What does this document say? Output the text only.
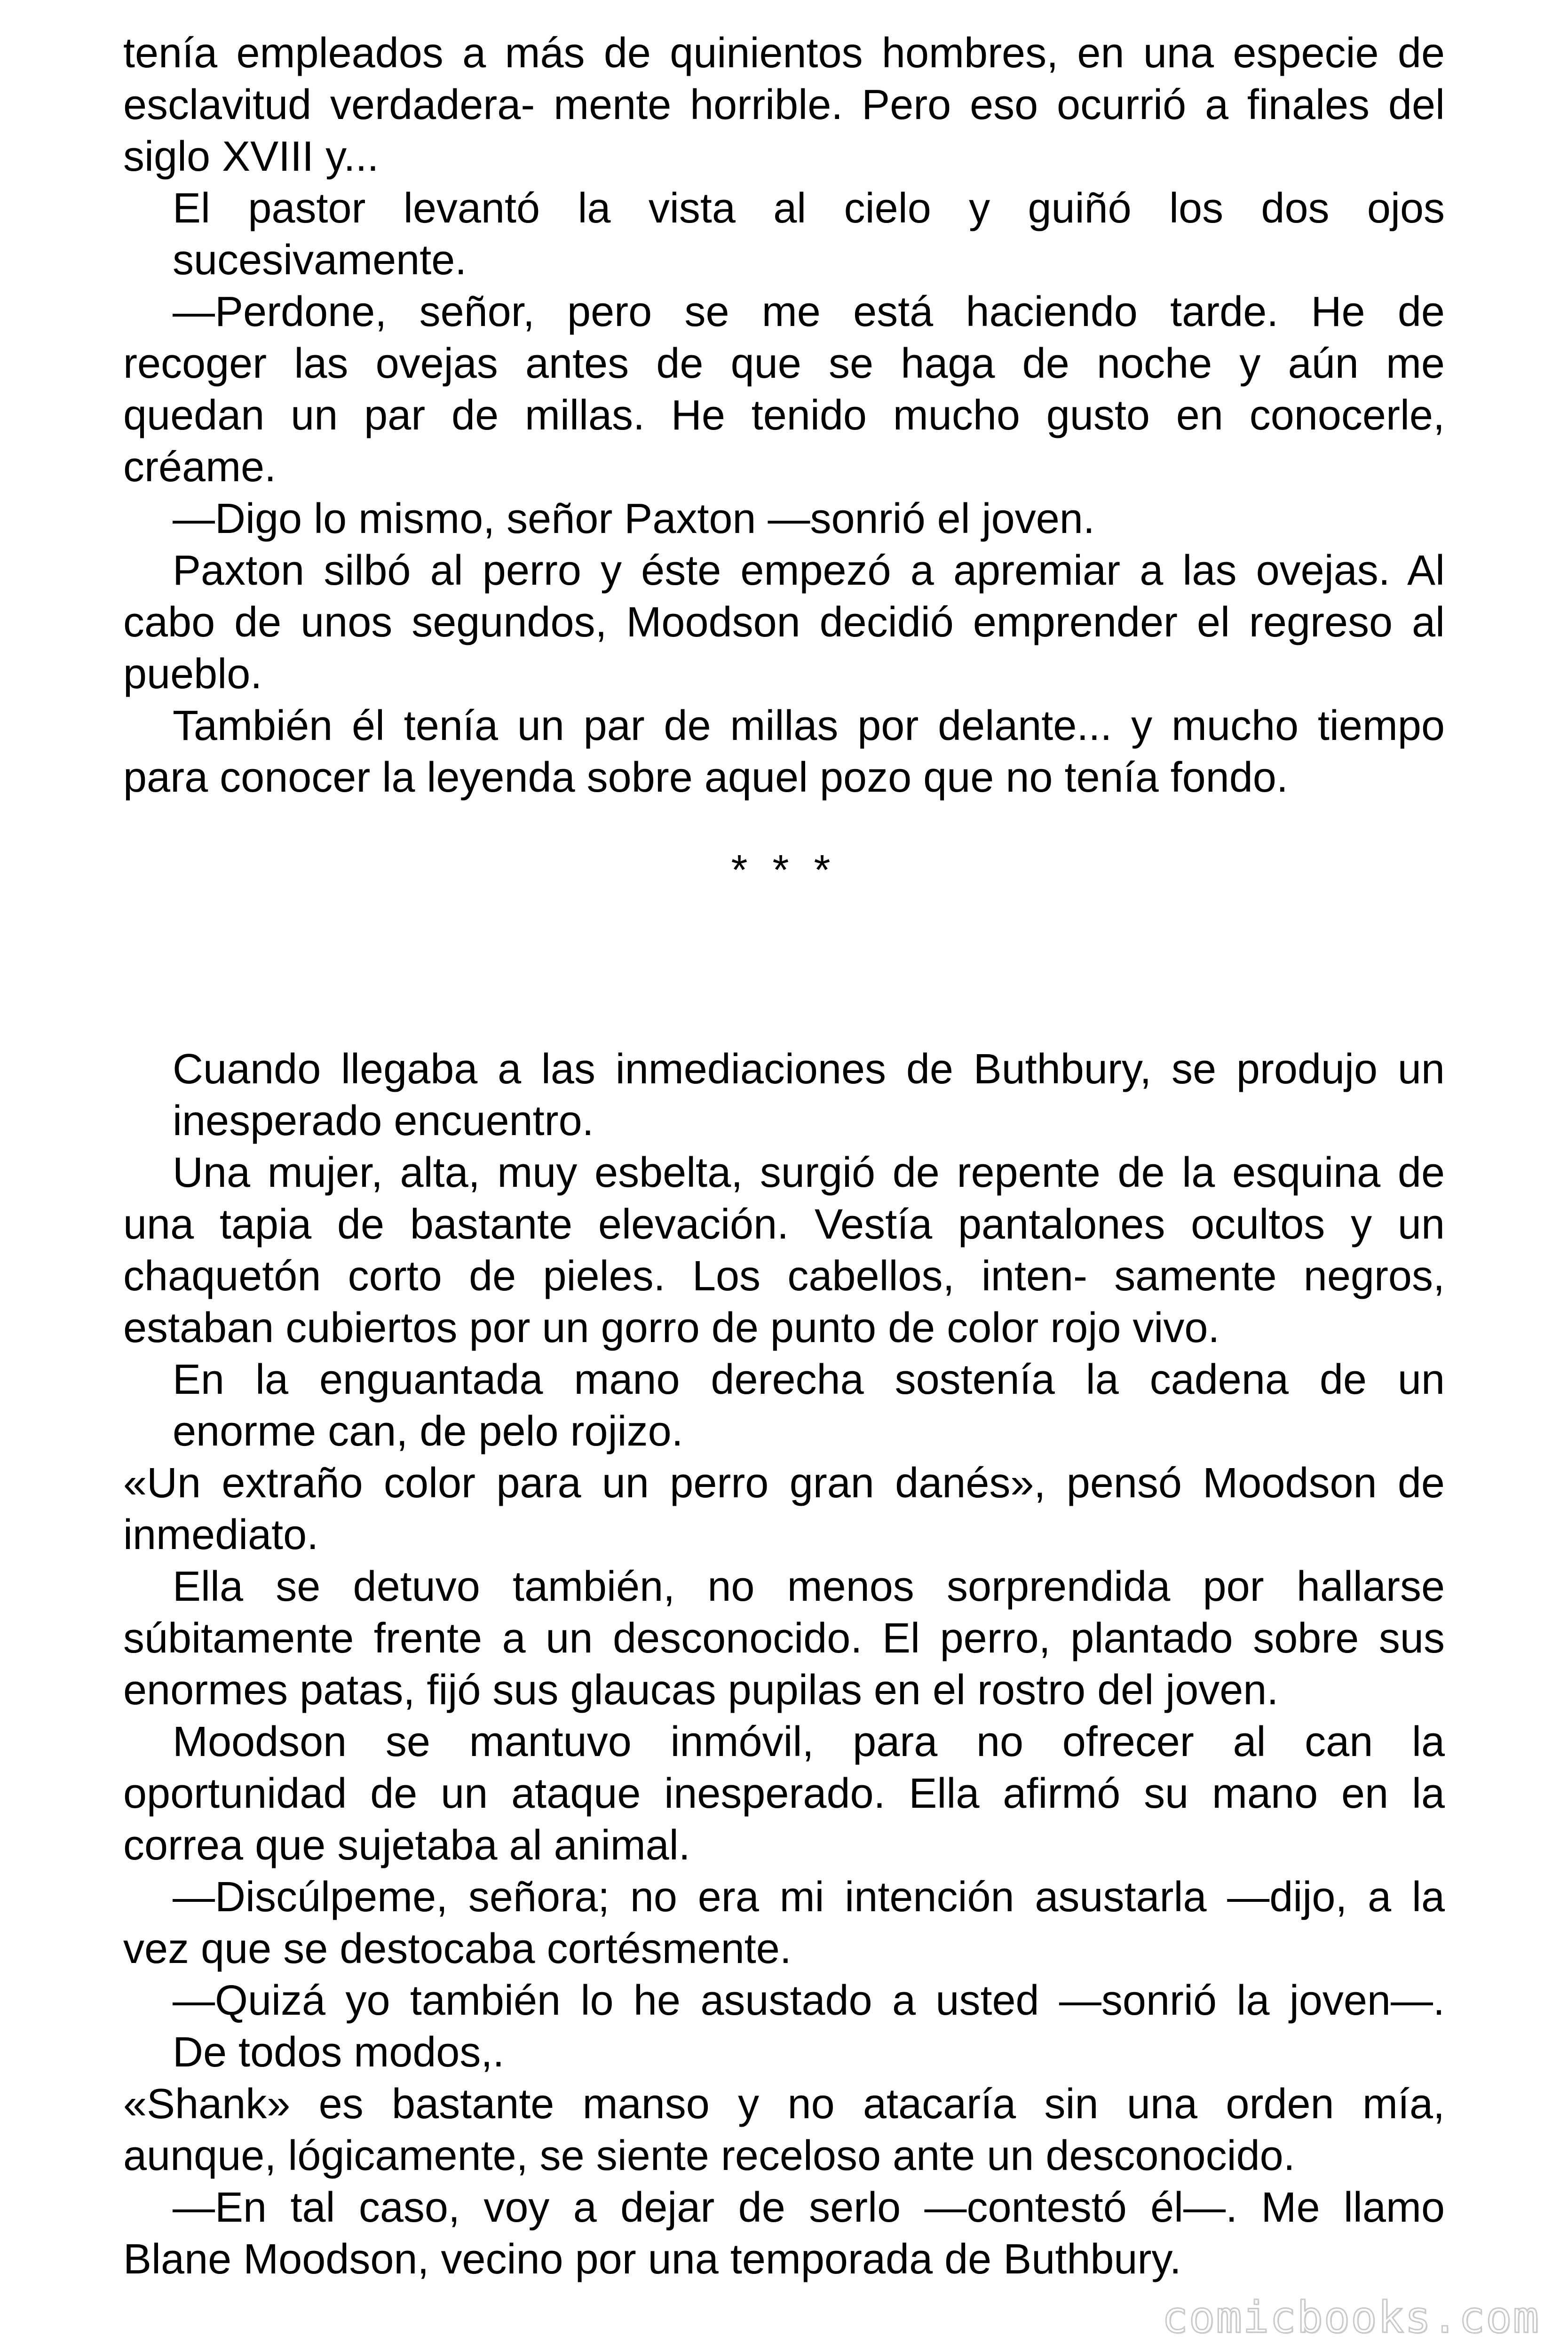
tenía empleados a más de quinientos hombres, en una especie de
esclavitud verdadera- mente horrible. Pero eso ocurrió a finales del
siglo XVIII y...
El pastor levantó la vista al cielo y guiñó los dos ojos
sucesivamente.
—Perdone, señor, pero se me está haciendo tarde. He de
recoger las ovejas antes de que se haga de noche y aún me
quedan un par de millas. He tenido mucho gusto en conocerle,
créame.
—Digo lo mismo, señor Paxton —sonrió el joven.
Paxton silbó al perro y éste empezó a apremiar a las ovejas. Al
cabo de unos segundos, Moodson decidió emprender el regreso al
pueblo.
También él tenía un par de millas por delante... y mucho tiempo
para conocer la leyenda sobre aquel pozo que no tenía fondo.
* * *
Cuando llegaba a las inmediaciones de Buthbury, se produjo un
inesperado encuentro.
Una mujer, alta, muy esbelta, surgió de repente de la esquina de
una tapia de bastante elevación. Vestía pantalones ocultos y un
chaquetón corto de pieles. Los cabellos, inten- samente negros,
estaban cubiertos por un gorro de punto de color rojo vivo.
En la enguantada mano derecha sostenía la cadena de un
enorme can, de pelo rojizo.
«Un extraño color para un perro gran danés», pensó Moodson de
inmediato.
Ella se detuvo también, no menos sorprendida por hallarse
súbitamente frente a un desconocido. El perro, plantado sobre sus
enormes patas, fijó sus glaucas pupilas en el rostro del joven.
Moodson se mantuvo inmóvil, para no ofrecer al can la
oportunidad de un ataque inesperado. Ella afirmó su mano en la
correa que sujetaba al animal.
—Discúlpeme, señora; no era mi intención asustarla —dijo, a la
vez que se destocaba cortésmente.
—Quizá yo también lo he asustado a usted —sonrió la joven—.
De todos modos,.
«Shank» es bastante manso y no atacaría sin una orden mía,
aunque, lógicamente, se siente receloso ante un desconocido.
—En tal caso, voy a dejar de serlo —contestó él—. Me llamo
Blane Moodson, vecino por una temporada de Buthbury.
comicbooks.com
